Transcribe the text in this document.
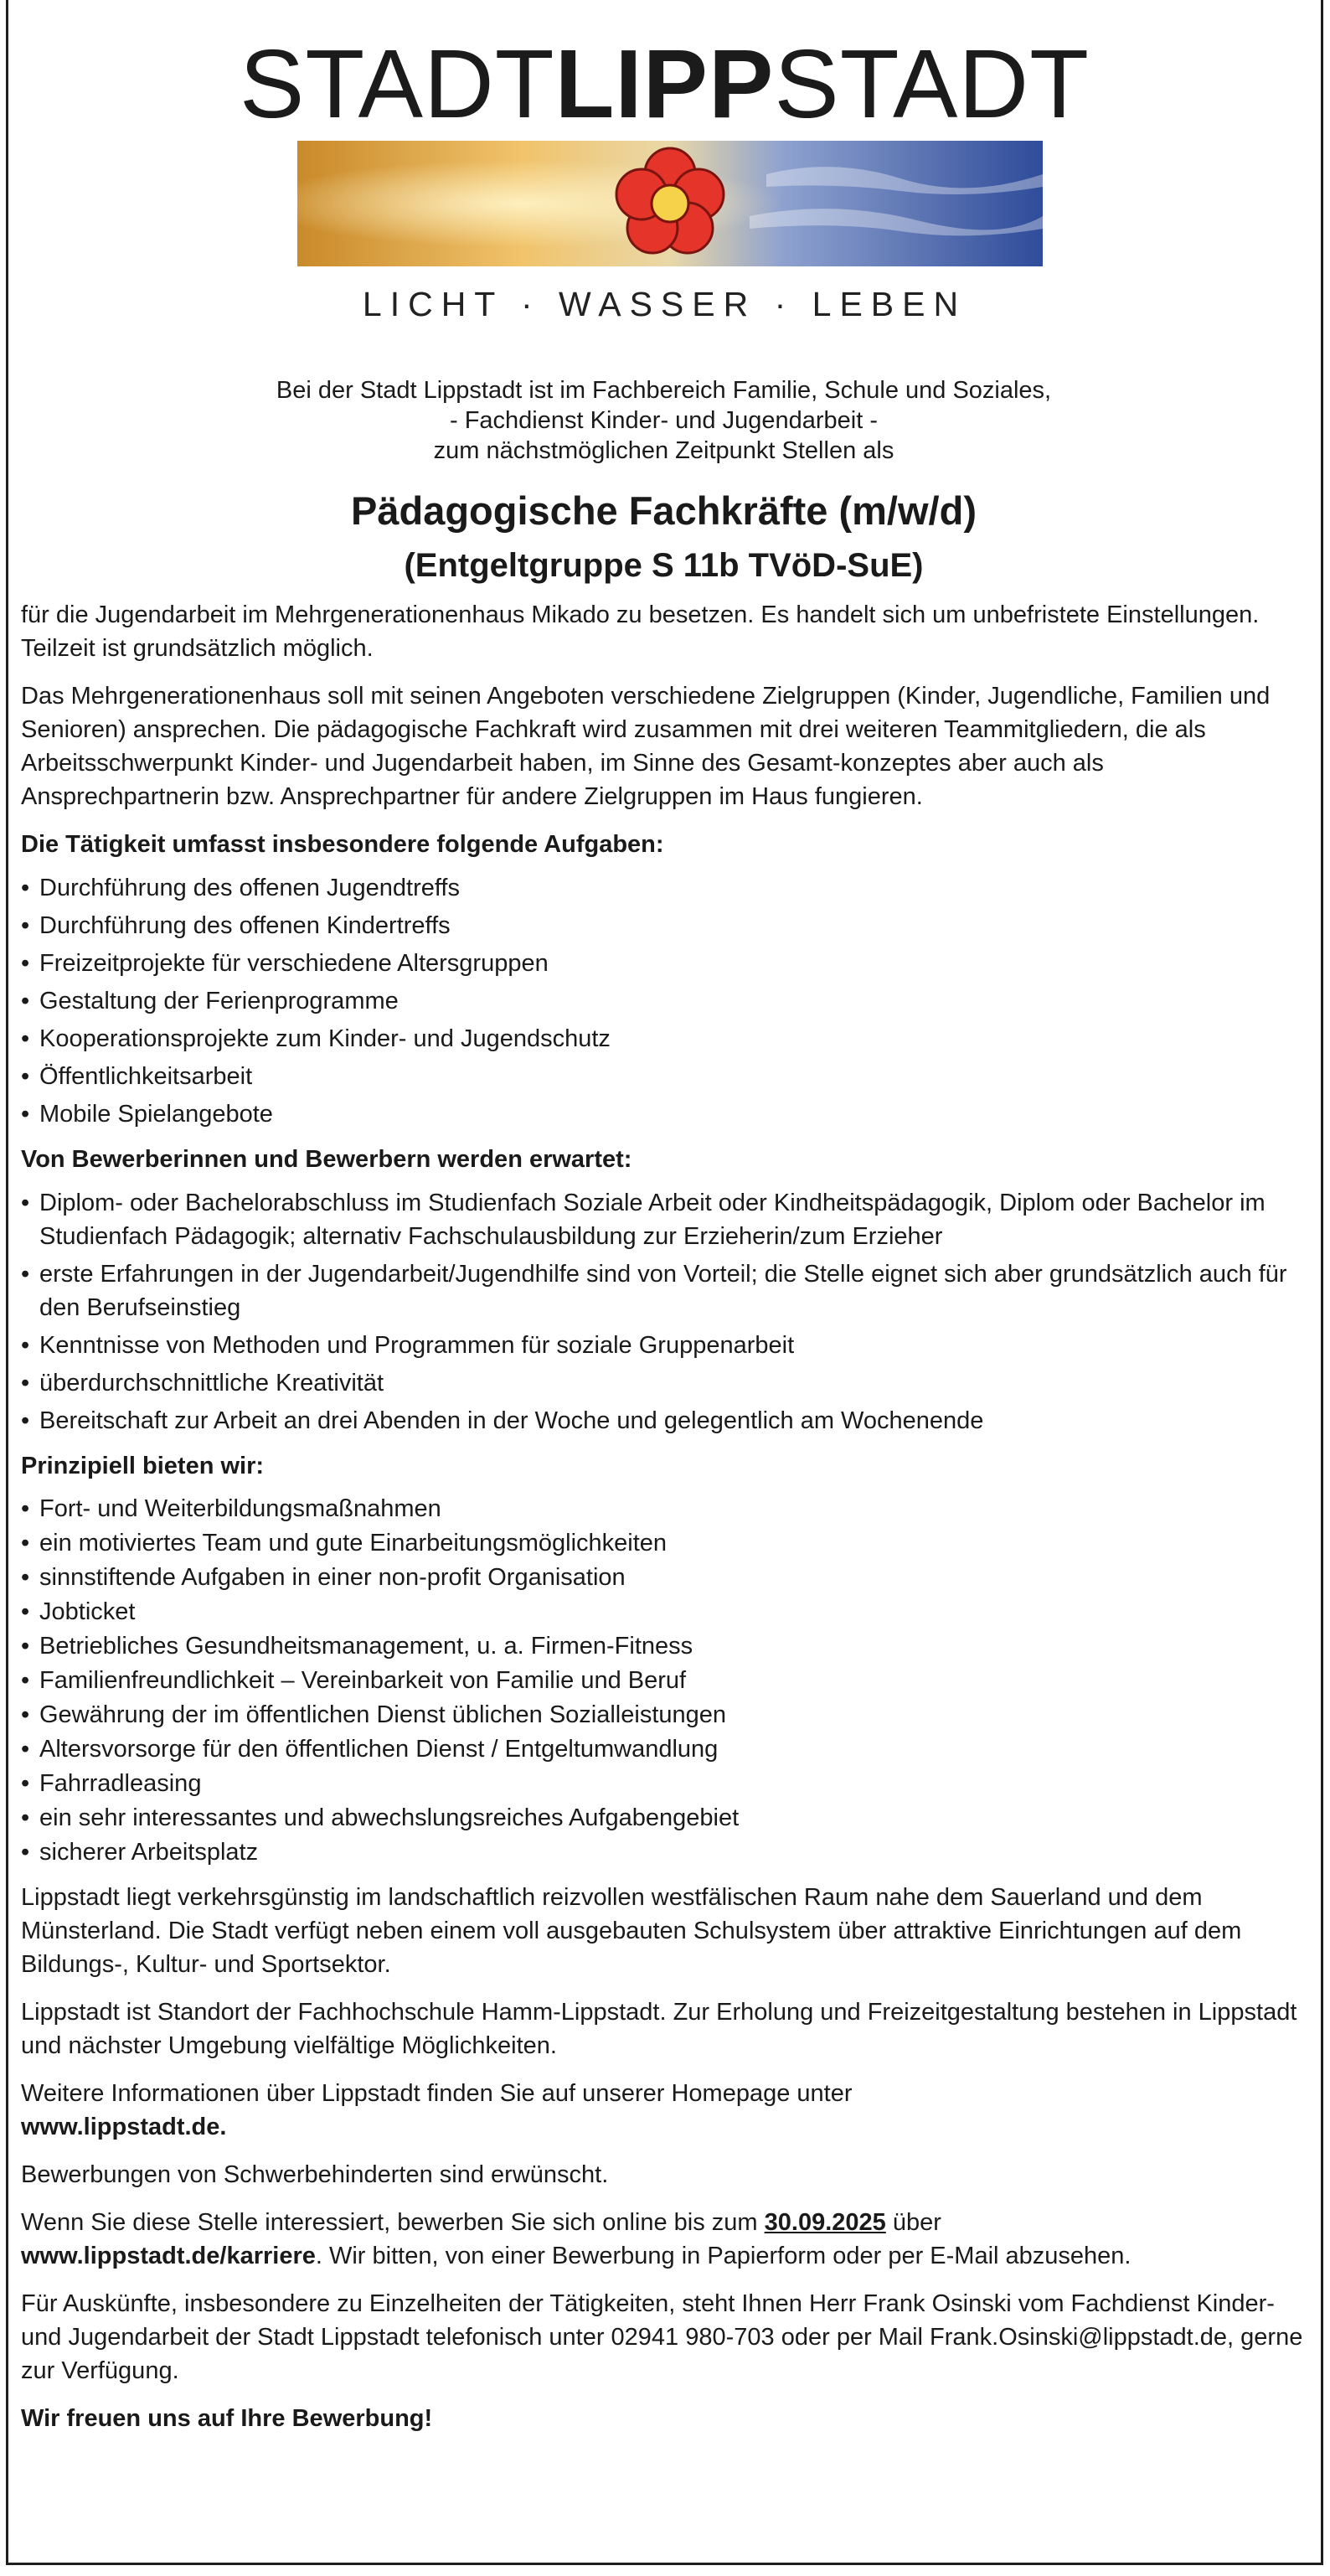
STADTLIPPSTADT
LICHT · WASSER · LEBEN
Bei der Stadt Lippstadt ist im Fachbereich Familie, Schule und Soziales,
- Fachdienst Kinder- und Jugendarbeit -
zum nächstmöglichen Zeitpunkt Stellen als
Pädagogische Fachkräfte (m/w/d)
(Entgeltgruppe S 11b TVöD-SuE)

für die Jugendarbeit im Mehrgenerationenhaus Mikado zu besetzen. Es handelt sich um unbefristete Einstellungen. Teilzeit ist grundsätzlich möglich.

Das Mehrgenerationenhaus soll mit seinen Angeboten verschiedene Zielgruppen (Kinder, Jugendliche, Familien und Senioren) ansprechen. Die pädagogische Fachkraft wird zusammen mit drei weiteren Teammitgliedern, die als Arbeitsschwerpunkt Kinder- und Jugendarbeit haben, im Sinne des Gesamt-konzeptes aber auch als Ansprechpartnerin bzw. Ansprechpartner für andere Zielgruppen im Haus fungieren.

Die Tätigkeit umfasst insbesondere folgende Aufgaben:
• Durchführung des offenen Jugendtreffs
• Durchführung des offenen Kindertreffs
• Freizeitprojekte für verschiedene Altersgruppen
• Gestaltung der Ferienprogramme
• Kooperationsprojekte zum Kinder- und Jugendschutz
• Öffentlichkeitsarbeit
• Mobile Spielangebote
Von Bewerberinnen und Bewerbern werden erwartet:
• Diplom- oder Bachelorabschluss im Studienfach Soziale Arbeit oder Kindheitspädagogik, Diplom oder Bachelor im Studienfach Pädagogik; alternativ Fachschulausbildung zur Erzieherin/zum Erzieher
• erste Erfahrungen in der Jugendarbeit/Jugendhilfe sind von Vorteil; die Stelle eignet sich aber grundsätzlich auch für den Berufseinstieg
• Kenntnisse von Methoden und Programmen für soziale Gruppenarbeit
• überdurchschnittliche Kreativität
• Bereitschaft zur Arbeit an drei Abenden in der Woche und gelegentlich am Wochenende
Prinzipiell bieten wir:
• Fort- und Weiterbildungsmaßnahmen
• ein motiviertes Team und gute Einarbeitungsmöglichkeiten
• sinnstiftende Aufgaben in einer non-profit Organisation
• Jobticket
• Betriebliches Gesundheitsmanagement, u. a. Firmen-Fitness
• Familienfreundlichkeit – Vereinbarkeit von Familie und Beruf
• Gewährung der im öffentlichen Dienst üblichen Sozialleistungen
• Altersvorsorge für den öffentlichen Dienst / Entgeltumwandlung
• Fahrradleasing
• ein sehr interessantes und abwechslungsreiches Aufgabengebiet
• sicherer Arbeitsplatz

Lippstadt liegt verkehrsgünstig im landschaftlich reizvollen westfälischen Raum nahe dem Sauerland und dem Münsterland. Die Stadt verfügt neben einem voll ausgebauten Schulsystem über attraktive Einrichtungen auf dem Bildungs-, Kultur- und Sportsektor.

Lippstadt ist Standort der Fachhochschule Hamm-Lippstadt. Zur Erholung und Freizeitgestaltung bestehen in Lippstadt und nächster Umgebung vielfältige Möglichkeiten.

Weitere Informationen über Lippstadt finden Sie auf unserer Homepage unter
www.lippstadt.de.

Bewerbungen von Schwerbehinderten sind erwünscht.

Wenn Sie diese Stelle interessiert, bewerben Sie sich online bis zum 30.09.2025 über
www.lippstadt.de/karriere. Wir bitten, von einer Bewerbung in Papierform oder per E-Mail abzusehen.

Für Auskünfte, insbesondere zu Einzelheiten der Tätigkeiten, steht Ihnen Herr Frank Osinski vom Fachdienst Kinder- und Jugendarbeit der Stadt Lippstadt telefonisch unter 02941 980-703 oder per Mail Frank.Osinski@lippstadt.de, gerne zur Verfügung.

Wir freuen uns auf Ihre Bewerbung!
